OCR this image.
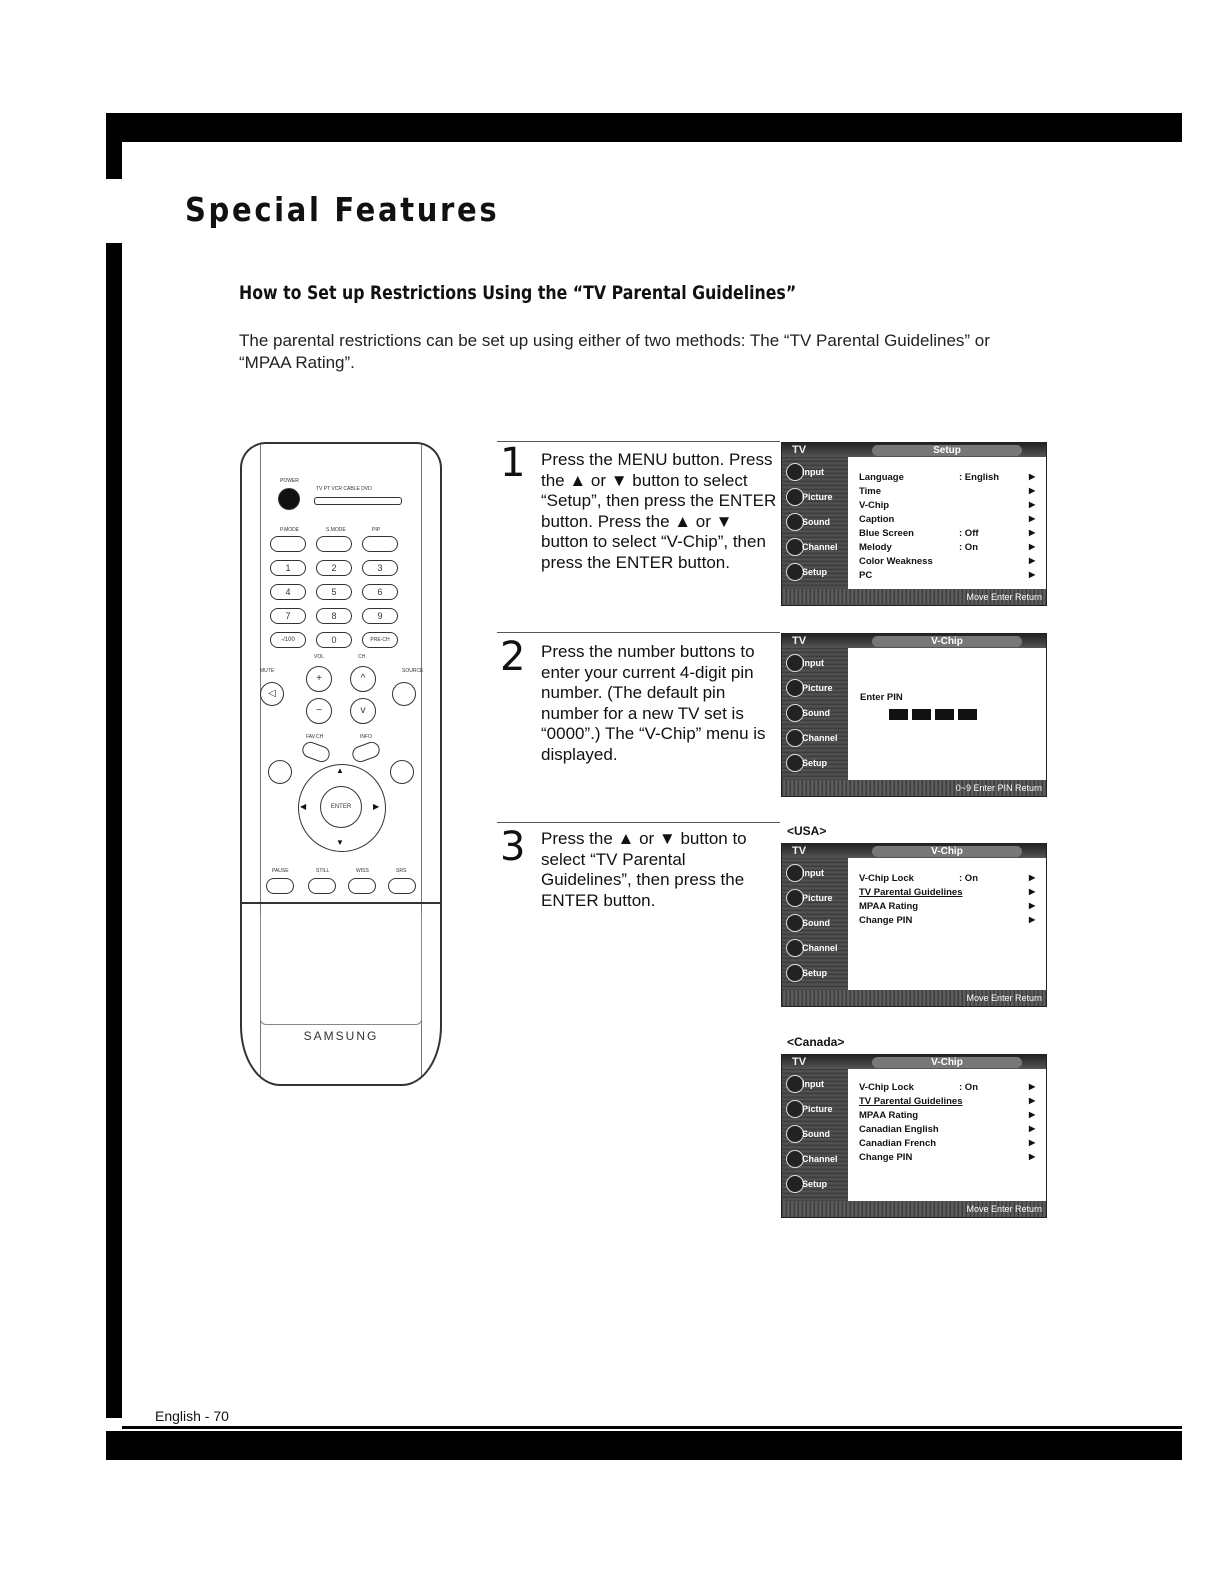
Special Features
How to Set up Restrictions Using the “TV Parental Guidelines”
The parental restrictions can be set up using either of two methods: The “TV Parental Guidelines” or “MPAA Rating”.
English - 70
POWER
TV PT VCR CABLE DVD
P.MODE	S.MODE	PIP
1	2	3
4	5	6
7	8	9
-/100	0	PRE-CH
VOL	CH
MUTE	SOURCE
◁
+	^
−	v
FAV.CH	INFO
ENTER
▲
▼
◀	▶
PAUSE	STILL	WISS	SRS
SAMSUNG
1 Press the MENU button. Press the ▲ or ▼ button to select “Setup”, then press the ENTER button. Press the ▲ or ▼ button to select “V-Chip”, then press the ENTER button.
2 Press the number buttons to enter your current 4-digit pin number. (The default pin number for a new TV set is “0000”.) The “V-Chip” menu is displayed.
3 Press the ▲ or ▼ button to select “TV Parental Guidelines”, then press the ENTER button.
TV	Setup
Input
Picture
Sound
Channel
Setup
Language	: English	▶
Time	▶
V-Chip	▶
Caption	▶
Blue Screen	: Off	▶
Melody	: On	▶
Color Weakness	▶
PC	▶
Move Enter Return
TV	V-Chip
Input
Picture
Sound
Channel
Setup
Enter PIN
0~9 Enter PIN Return
<USA>
TV	V-Chip
Input
Picture
Sound
Channel
Setup
V-Chip Lock	: On	▶
TV Parental Guidelines	▶
MPAA Rating	▶
Change PIN	▶
Move Enter Return
<Canada>
TV	V-Chip
Input
Picture
Sound
Channel
Setup
V-Chip Lock	: On	▶
TV Parental Guidelines	▶
MPAA Rating	▶
Canadian English	▶
Canadian French	▶
Change PIN	▶
Move Enter Return
